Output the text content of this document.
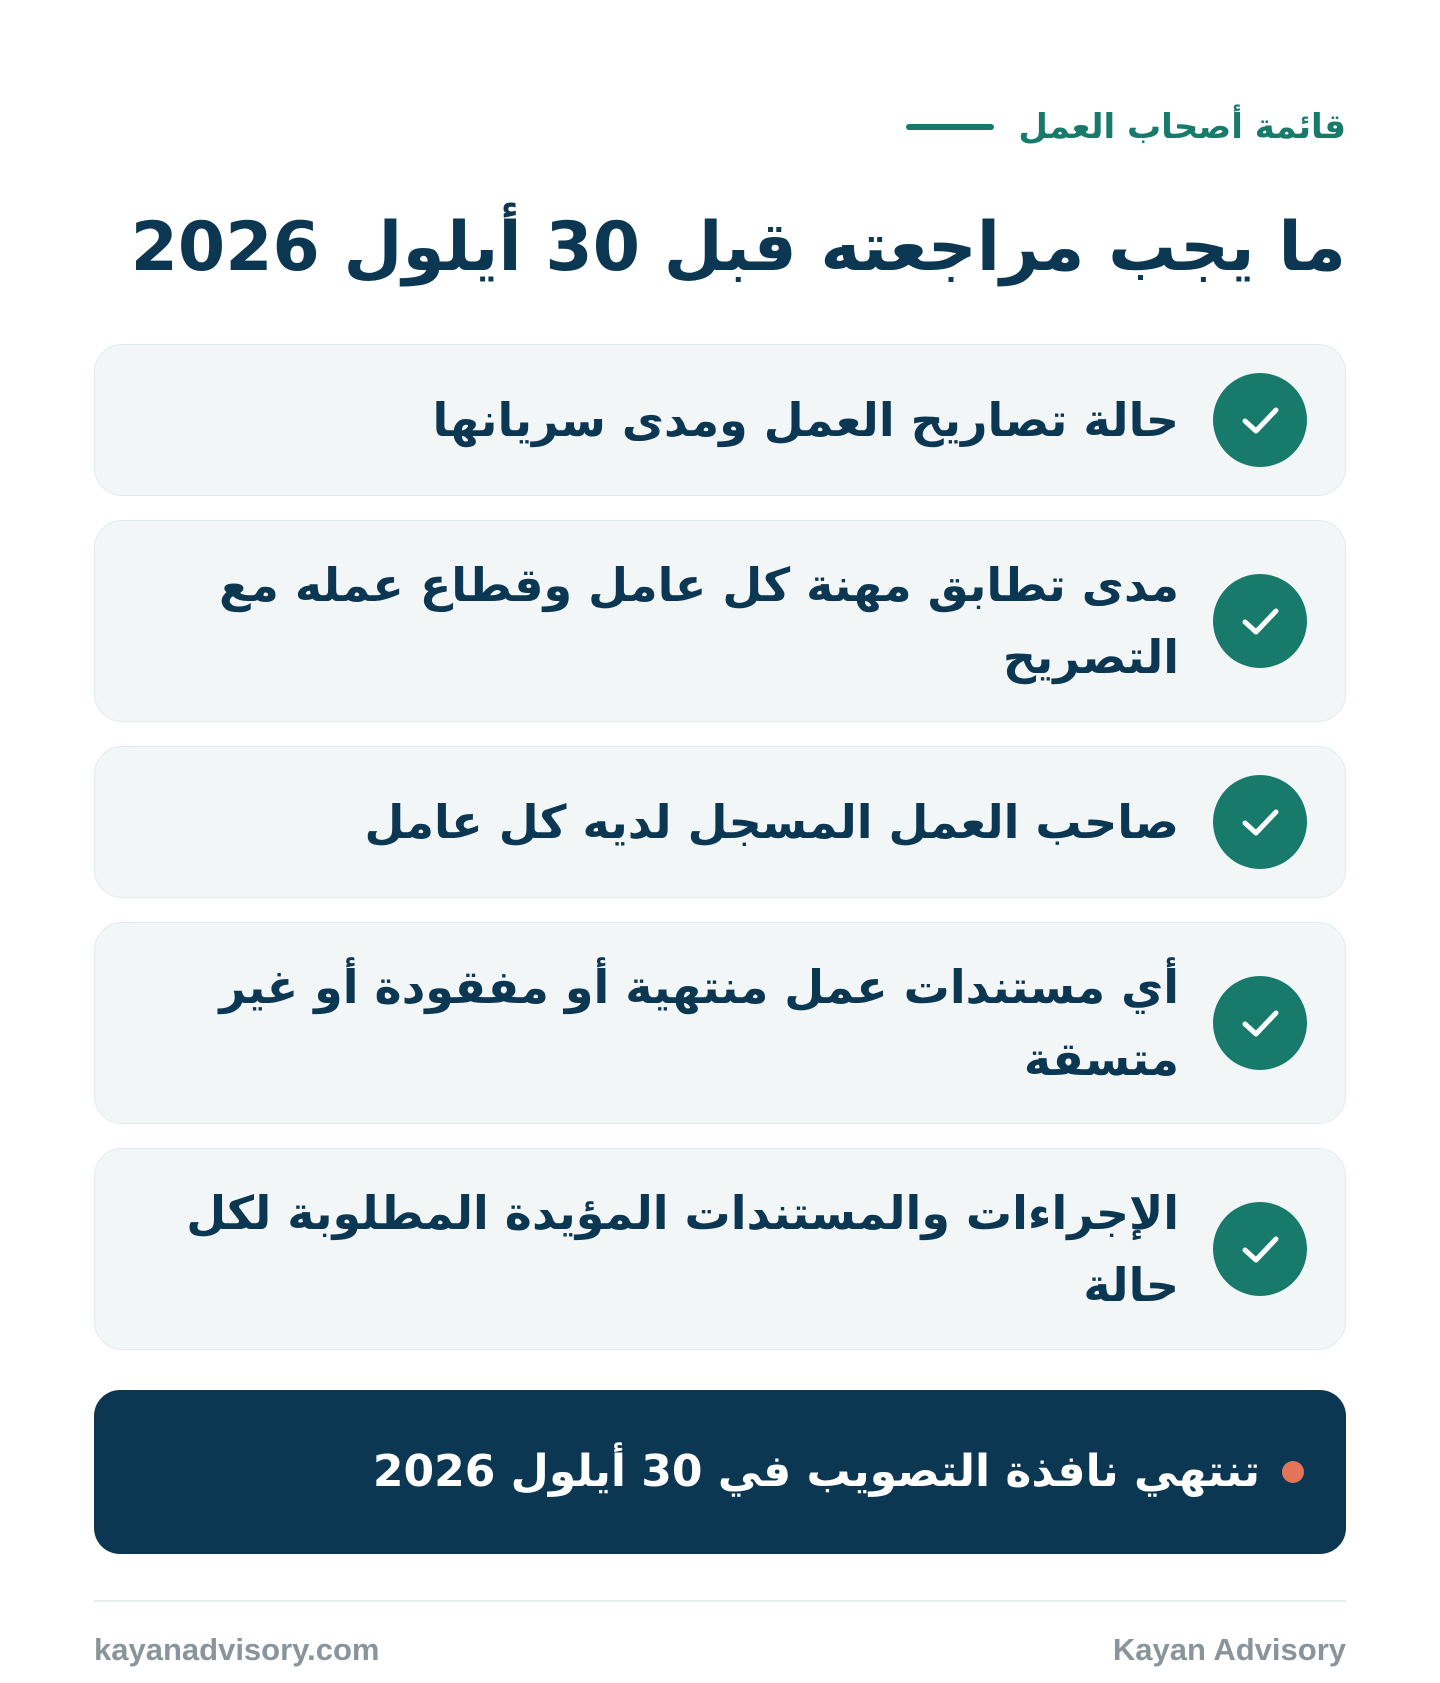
قائمة أصحاب العمل
ما يجب مراجعته قبل 30 أيلول 2026
حالة تصاريح العمل ومدى سريانها
مدى تطابق مهنة كل عامل وقطاع عمله مع التصريح
صاحب العمل المسجل لديه كل عامل
أي مستندات عمل منتهية أو مفقودة أو غير متسقة
الإجراءات والمستندات المؤيدة المطلوبة لكل حالة
تنتهي نافذة التصويب في 30 أيلول 2026
kayanadvisory.com	Kayan Advisory
